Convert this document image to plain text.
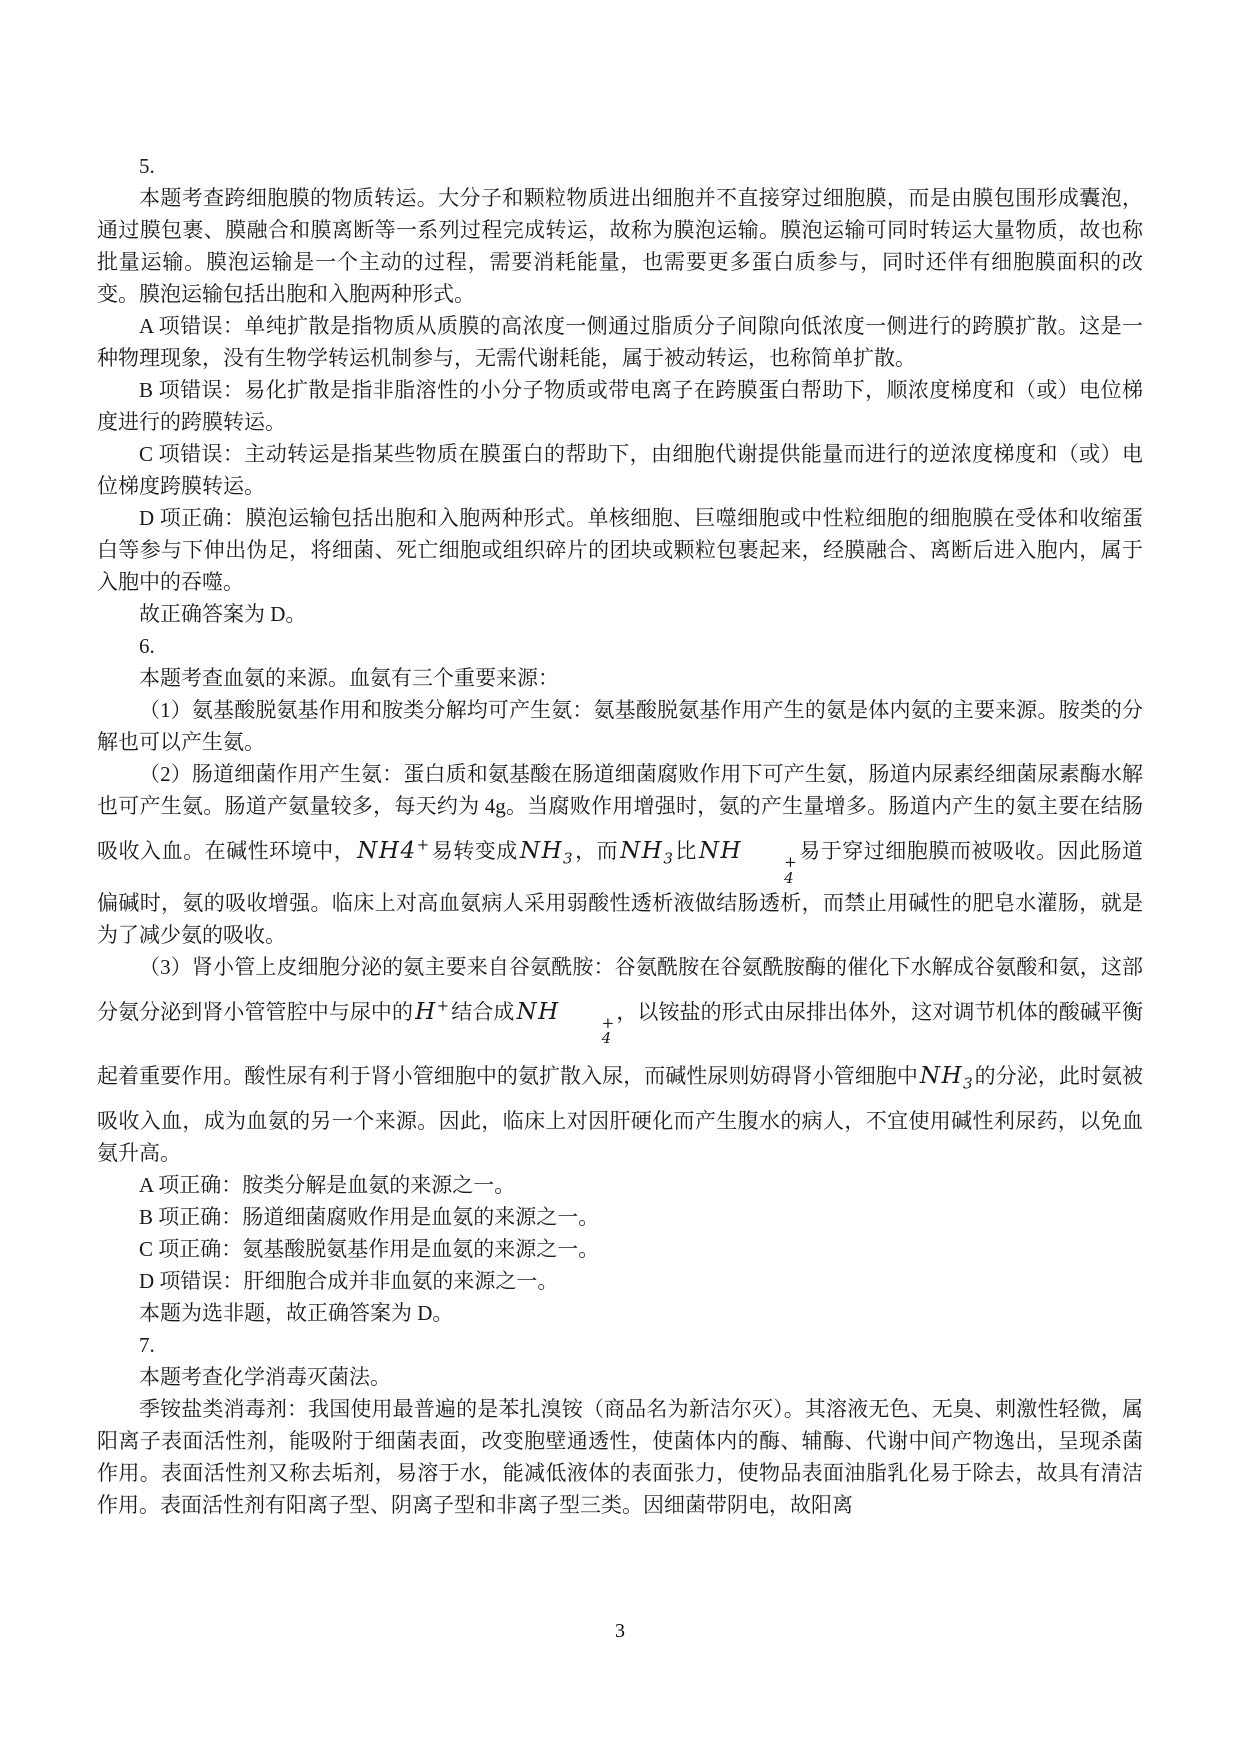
5.

本题考查跨细胞膜的物质转运。大分子和颗粒物质进出细胞并不直接穿过细胞膜，而是由膜包围形成囊泡，通过膜包裹、膜融合和膜离断等一系列过程完成转运，故称为膜泡运输。膜泡运输可同时转运大量物质，故也称批量运输。膜泡运输是一个主动的过程，需要消耗能量，也需要更多蛋白质参与，同时还伴有细胞膜面积的改变。膜泡运输包括出胞和入胞两种形式。

A 项错误：单纯扩散是指物质从质膜的高浓度一侧通过脂质分子间隙向低浓度一侧进行的跨膜扩散。这是一种物理现象，没有生物学转运机制参与，无需代谢耗能，属于被动转运，也称简单扩散。

B 项错误：易化扩散是指非脂溶性的小分子物质或带电离子在跨膜蛋白帮助下，顺浓度梯度和（或）电位梯度进行的跨膜转运。

C 项错误：主动转运是指某些物质在膜蛋白的帮助下，由细胞代谢提供能量而进行的逆浓度梯度和（或）电位梯度跨膜转运。

D 项正确：膜泡运输包括出胞和入胞两种形式。单核细胞、巨噬细胞或中性粒细胞的细胞膜在受体和收缩蛋白等参与下伸出伪足，将细菌、死亡细胞或组织碎片的团块或颗粒包裹起来，经膜融合、离断后进入胞内，属于入胞中的吞噬。

故正确答案为 D。

6.

本题考查血氨的来源。血氨有三个重要来源：

（1）氨基酸脱氨基作用和胺类分解均可产生氨：氨基酸脱氨基作用产生的氨是体内氨的主要来源。胺类的分解也可以产生氨。

（2）肠道细菌作用产生氨：蛋白质和氨基酸在肠道细菌腐败作用下可产生氨，肠道内尿素经细菌尿素酶水解也可产生氨。肠道产氨量较多，每天约为 4g。当腐败作用增强时，氨的产生量增多。肠道内产生的氨主要在结肠吸收入血。在碱性环境中，NH4+易转变成$NH_3$，而$NH_3$比NH	+
4
易于穿过细胞膜而被吸收。因此肠道偏碱时，氨的吸收增强。临床上对高血氨病人采用弱酸性透析液做结肠透析，而禁止用碱性的肥皂水灌肠，就是为了减少氨的吸收。

（3）肾小管上皮细胞分泌的氨主要来自谷氨酰胺：谷氨酰胺在谷氨酰胺酶的催化下水解成谷氨酸和氨，这部分氨分泌到肾小管管腔中与尿中的H+结合成NH	+
4
，以铵盐的形式由尿排出体外，这对调节机体的酸碱平衡起着重要作用。酸性尿有利于肾小管细胞中的氨扩散入尿，而碱性尿则妨碍肾小管细胞中$NH_3$的分泌，此时氨被吸收入血，成为血氨的另一个来源。因此，临床上对因肝硬化而产生腹水的病人，不宜使用碱性利尿药，以免血氨升高。

A 项正确：胺类分解是血氨的来源之一。

B 项正确：肠道细菌腐败作用是血氨的来源之一。

C 项正确：氨基酸脱氨基作用是血氨的来源之一。

D 项错误：肝细胞合成并非血氨的来源之一。

本题为选非题，故正确答案为 D。

7.

本题考查化学消毒灭菌法。

季铵盐类消毒剂：我国使用最普遍的是苯扎溴铵（商品名为新洁尔灭）。其溶液无色、无臭、刺激性轻微，属阳离子表面活性剂，能吸附于细菌表面，改变胞壁通透性，使菌体内的酶、辅酶、代谢中间产物逸出，呈现杀菌作用。表面活性剂又称去垢剂，易溶于水，能减低液体的表面张力，使物品表面油脂乳化易于除去，故具有清洁作用。表面活性剂有阳离子型、阴离子型和非离子型三类。因细菌带阴电，故阳离

3
